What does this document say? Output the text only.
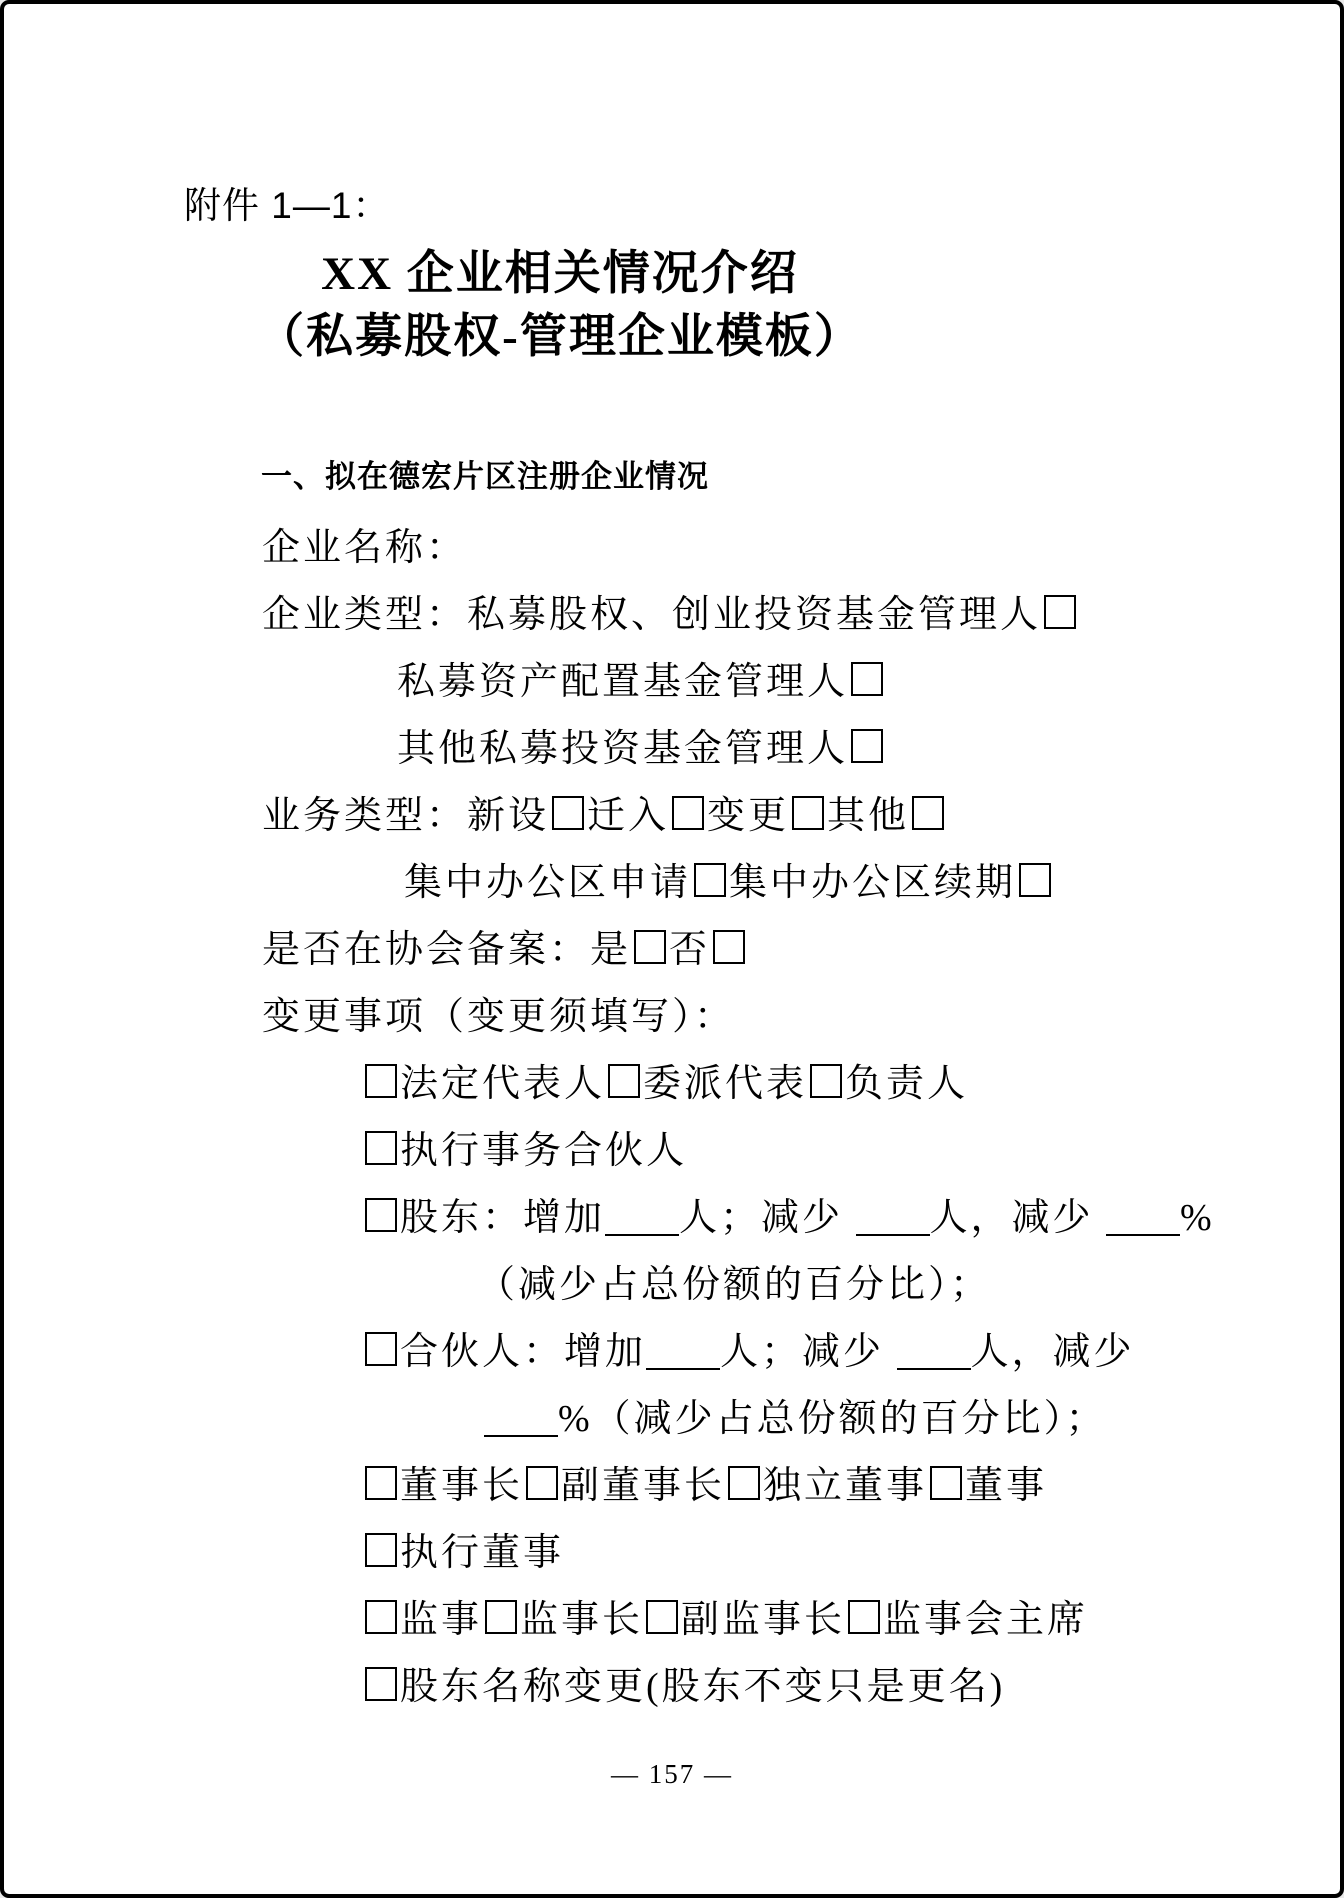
附件 1—1：
XX 企业相关情况介绍
（私募股权-管理企业模板）
一、拟在德宏片区注册企业情况
企业名称：
企业类型：私募股权、创业投资基金管理人
私募资产配置基金管理人
其他私募投资基金管理人
业务类型：新设 迁入 变更 其他
集中办公区申请 集中办公区续期
是否在协会备案：是 否
变更事项（变更须填写）：
法定代表人 委派代表 负责人
执行事务合伙人
股东：增加 人；减少 人，减少 %
（减少占总份额的百分比）；
合伙人：增加 人；减少 人，减少
%（减少占总份额的百分比）；
董事长 副董事长 独立董事 董事
执行董事
监事 监事长 副监事长 监事会主席
股东名称变更(股东不变只是更名)
— 157 —
